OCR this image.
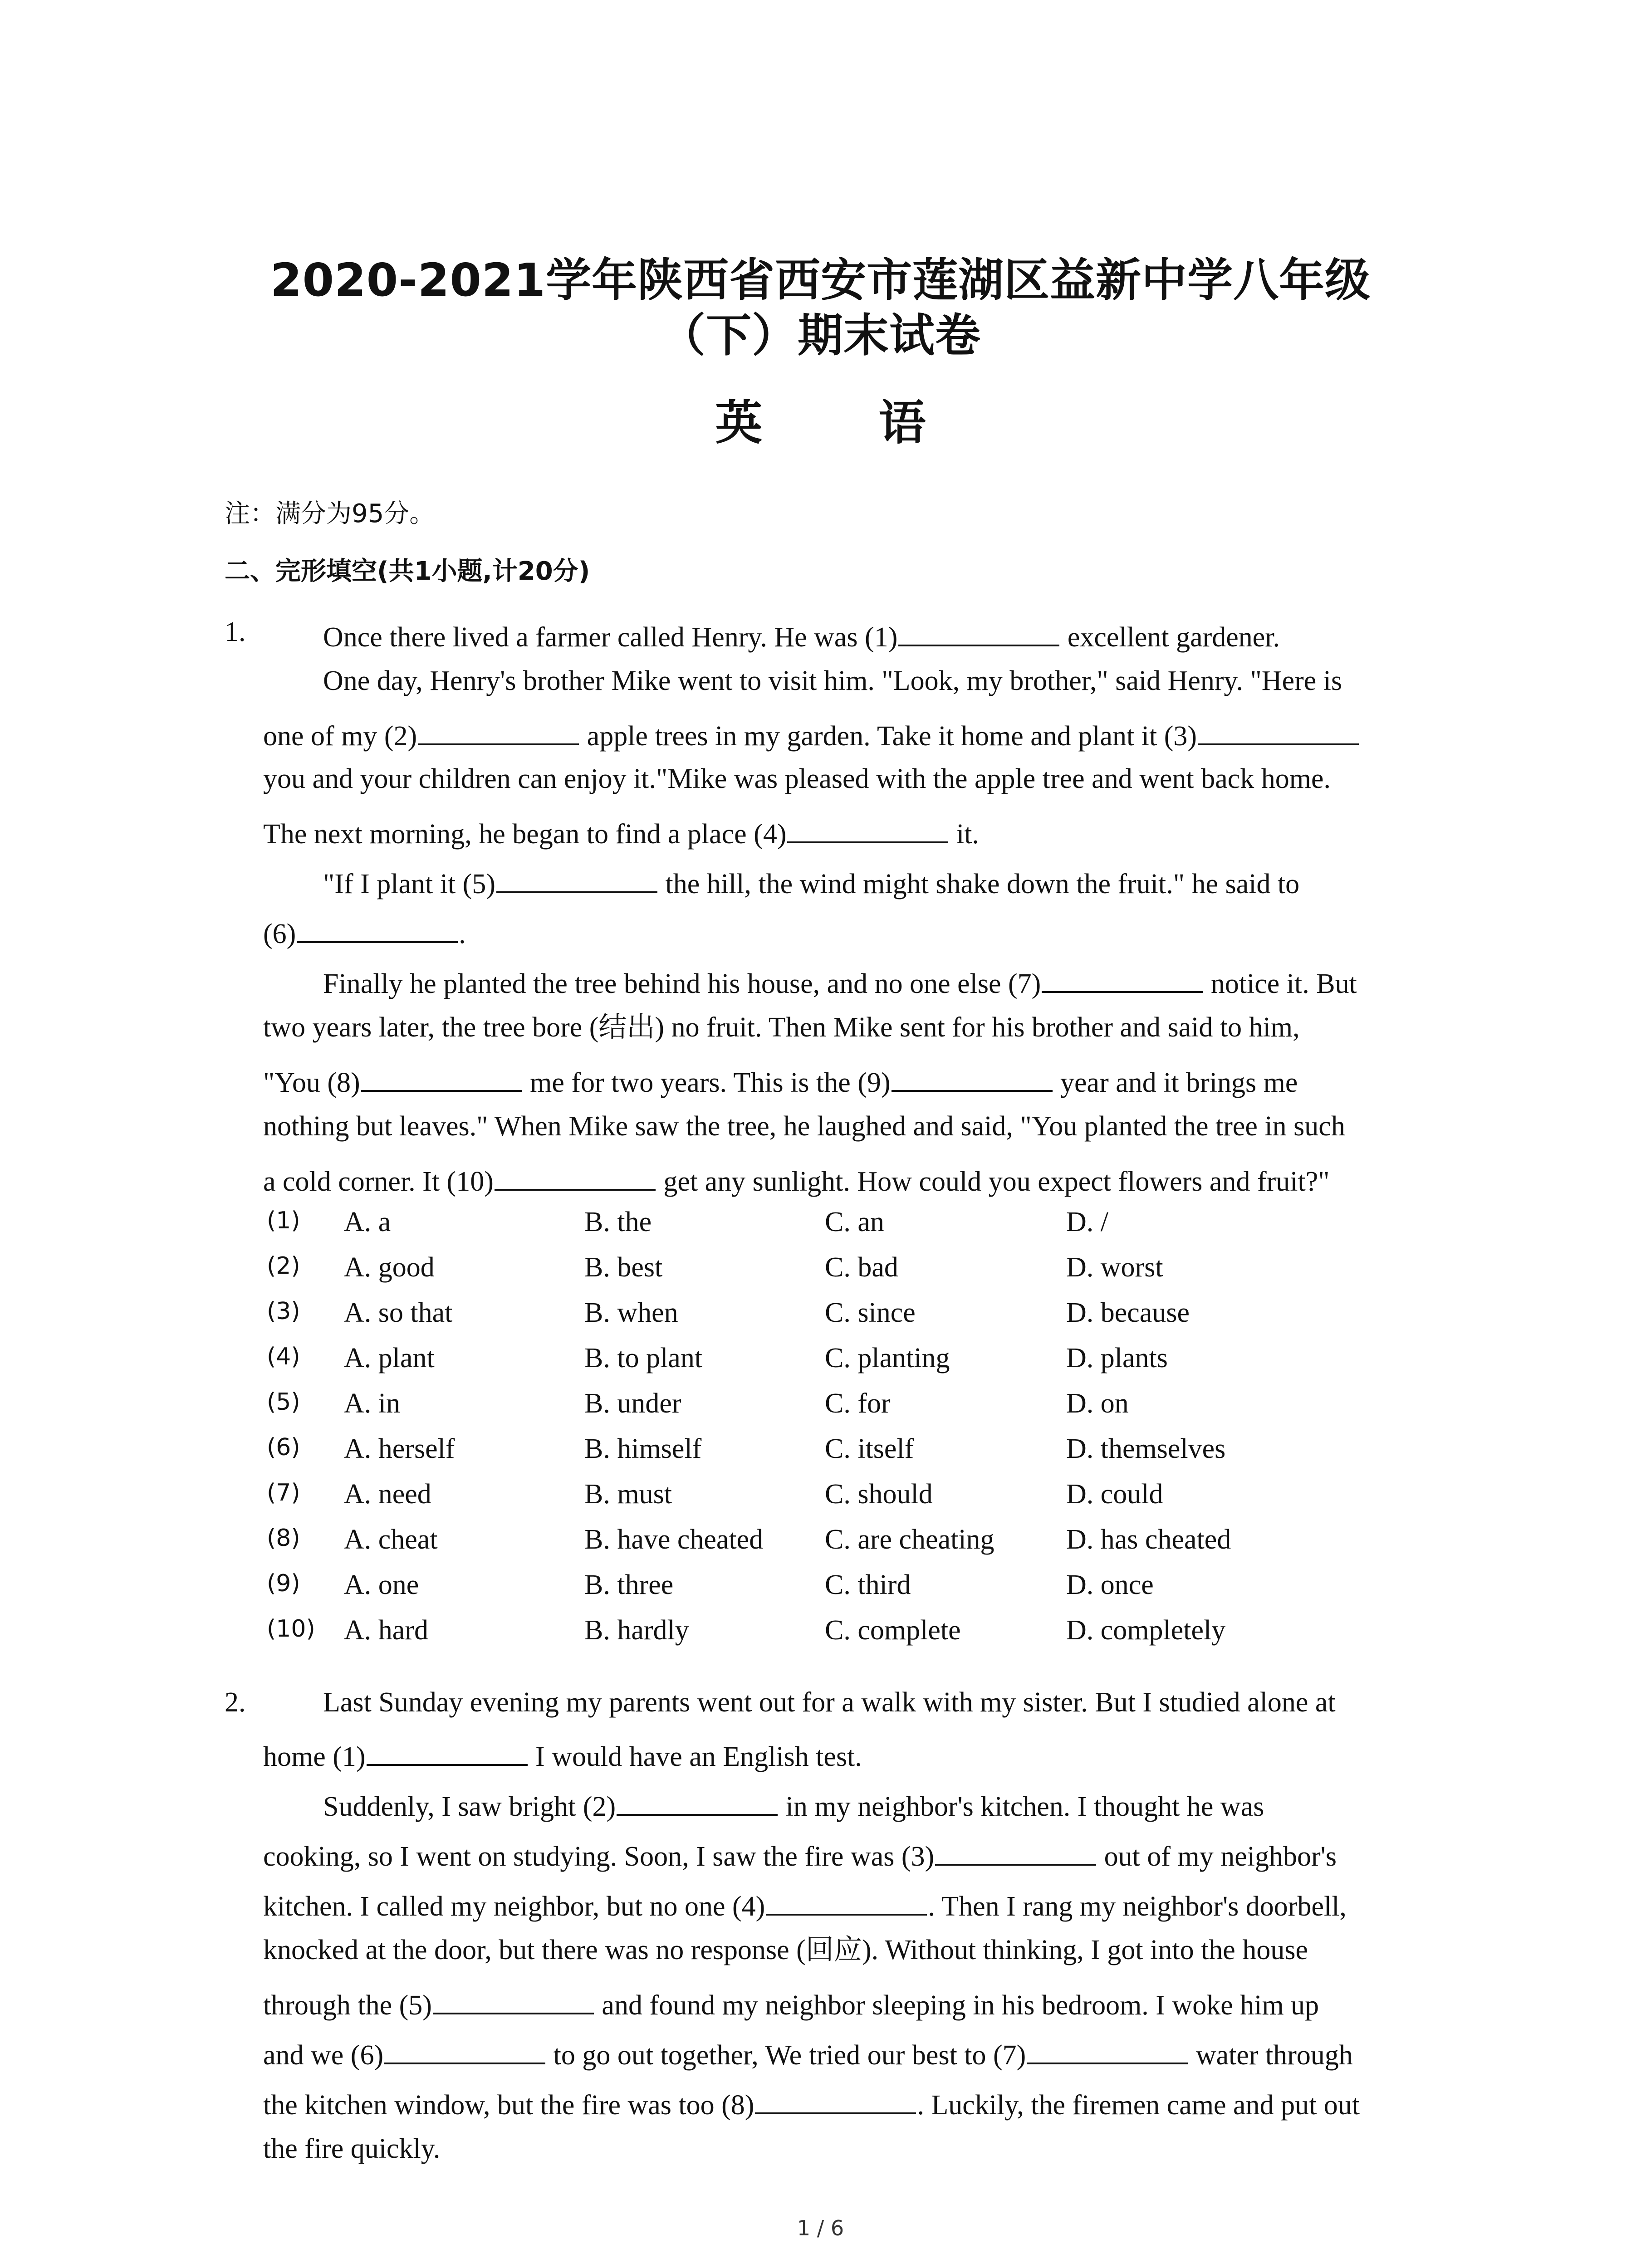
2020-2021学年陕西省西安市莲湖区益新中学八年级
（下）期末试卷
英 语
注：满分为95分。
二、完形填空(共1小题,计20分)
1.	Once there lived a farmer called Henry. He was (1)	excellent gardener.
One day, Henry's brother Mike went to visit him. "Look, my brother," said Henry. "Here is
one of my (2)	apple trees in my garden. Take it home and plant it (3)
you and your children can enjoy it."Mike was pleased with the apple tree and went back home.
The next morning, he began to find a place (4)	it.
"If I plant it (5)	the hill, the wind might shake down the fruit." he said to
(6)	.
Finally he planted the tree behind his house, and no one else (7)	notice it. But
two years later, the tree bore (结出) no fruit. Then Mike sent for his brother and said to him,
"You (8)	me for two years. This is the (9)	year and it brings me
nothing but leaves." When Mike saw the tree, he laughed and said, "You planted the tree in such
a cold corner. It (10)	get any sunlight. How could you expect flowers and fruit?"
(1) A. a	B. the	C. an	D. /
(2) A. good	B. best	C. bad	D. worst
(3) A. so that	B. when	C. since	D. because
(4) A. plant	B. to plant	C. planting	D. plants
(5) A. in	B. under	C. for	D. on
(6) A. herself	B. himself	C. itself	D. themselves
(7) A. need	B. must	C. should	D. could
(8) A. cheat	B. have cheated C. are cheating	D. has cheated
(9) A. one	B. three	C. third	D. once
(10) A. hard	B. hardly	C. complete	D. completely
2.	Last Sunday evening my parents went out for a walk with my sister. But I studied alone at
home (1)	I would have an English test.
Suddenly, I saw bright (2)	in my neighbor's kitchen. I thought he was
cooking, so I went on studying. Soon, I saw the fire was (3)	out of my neighbor's
kitchen. I called my neighbor, but no one (4)	. Then I rang my neighbor's doorbell,
knocked at the door, but there was no response (回应). Without thinking, I got into the house
through the (5)	and found my neighbor sleeping in his bedroom. I woke him up
and we (6)	to go out together, We tried our best to (7)	water through
the kitchen window, but the fire was too (8)	. Luckily, the firemen came and put out
the fire quickly.
1 / 6
